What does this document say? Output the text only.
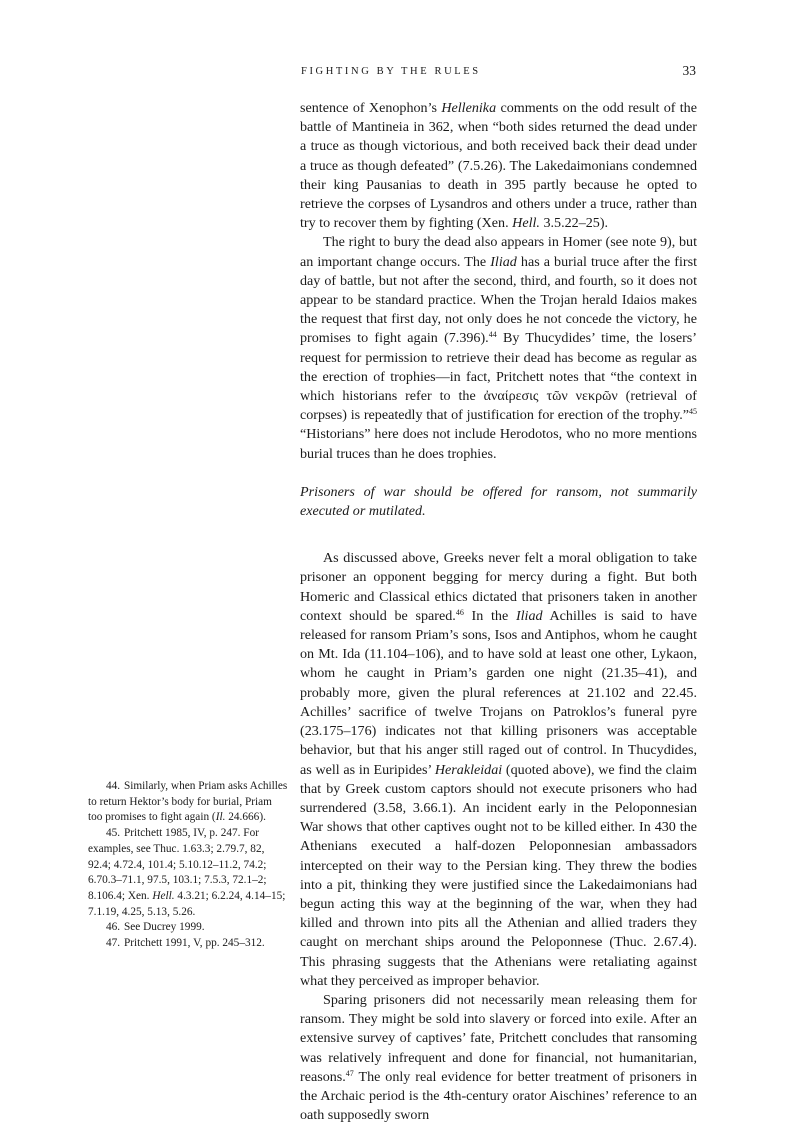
FIGHTING BY THE RULES	33

sentence of Xenophon’s Hellenika comments on the odd result of the battle of Mantineia in 362, when “both sides returned the dead under a truce as though victorious, and both received back their dead under a truce as though defeated” (7.5.26). The Lakedaimonians condemned their king Pausanias to death in 395 partly because he opted to retrieve the corpses of Lysandros and others under a truce, rather than try to recover them by fighting (Xen. Hell. 3.5.22–25).

The right to bury the dead also appears in Homer (see note 9), but an important change occurs. The Iliad has a burial truce after the first day of battle, but not after the second, third, and fourth, so it does not appear to be standard practice. When the Trojan herald Idaios makes the request that first day, not only does he not concede the victory, he promises to fight again (7.396).$^{44}$ By Thucydides’ time, the losers’ request for permission to retrieve their dead has become as regular as the erection of trophies—in fact, Pritchett notes that “the context in which historians refer to the ἀναίρεσις τῶν νεκρῶν (retrieval of corpses) is repeatedly that of justification for erection of the trophy.”$^{45}$ “Historians” here does not include Herodotos, who no more mentions burial truces than he does trophies.

Prisoners of war should be offered for ransom, not summarily executed or mutilated.

As discussed above, Greeks never felt a moral obligation to take prisoner an opponent begging for mercy during a fight. But both Homeric and Classical ethics dictated that prisoners taken in another context should be spared.$^{46}$ In the Iliad Achilles is said to have released for ransom Priam’s sons, Isos and Antiphos, whom he caught on Mt. Ida (11.104–106), and to have sold at least one other, Lykaon, whom he caught in Priam’s garden one night (21.35–41), and probably more, given the plural references at 21.102 and 22.45. Achilles’ sacrifice of twelve Trojans on Patroklos’s funeral pyre (23.175–176) indicates not that killing prisoners was acceptable behavior, but that his anger still raged out of control. In Thucydides, as well as in Euripides’ Herakleidai (quoted above), we find the claim that by Greek custom captors should not execute prisoners who had surrendered (3.58, 3.66.1). An incident early in the Peloponnesian War shows that other captives ought not to be killed either. In 430 the Athenians executed a half-dozen Peloponnesian ambassadors intercepted on their way to the Persian king. They threw the bodies into a pit, thinking they were justified since the Lakedaimonians had begun acting this way at the beginning of the war, when they had killed and thrown into pits all the Athenian and allied traders they caught on merchant ships around the Peloponnese (Thuc. 2.67.4). This phrasing suggests that the Athenians were retaliating against what they perceived as improper behavior.

Sparing prisoners did not necessarily mean releasing them for ransom. They might be sold into slavery or forced into exile. After an extensive survey of captives’ fate, Pritchett concludes that ransoming was relatively infrequent and done for financial, not humanitarian, reasons.$^{47}$ The only real evidence for better treatment of prisoners in the Archaic period is the 4th-century orator Aischines’ reference to an oath supposedly sworn

44. Similarly, when Priam asks Achilles to return Hektor’s body for burial, Priam too promises to fight again (Il. 24.666).

45. Pritchett 1985, IV, p. 247. For examples, see Thuc. 1.63.3; 2.79.7, 82, 92.4; 4.72.4, 101.4; 5.10.12–11.2, 74.2; 6.70.3–71.1, 97.5, 103.1; 7.5.3, 72.1–2; 8.106.4; Xen. Hell. 4.3.21; 6.2.24, 4.14–15; 7.1.19, 4.25, 5.13, 5.26.

46. See Ducrey 1999.

47. Pritchett 1991, V, pp. 245–312.
